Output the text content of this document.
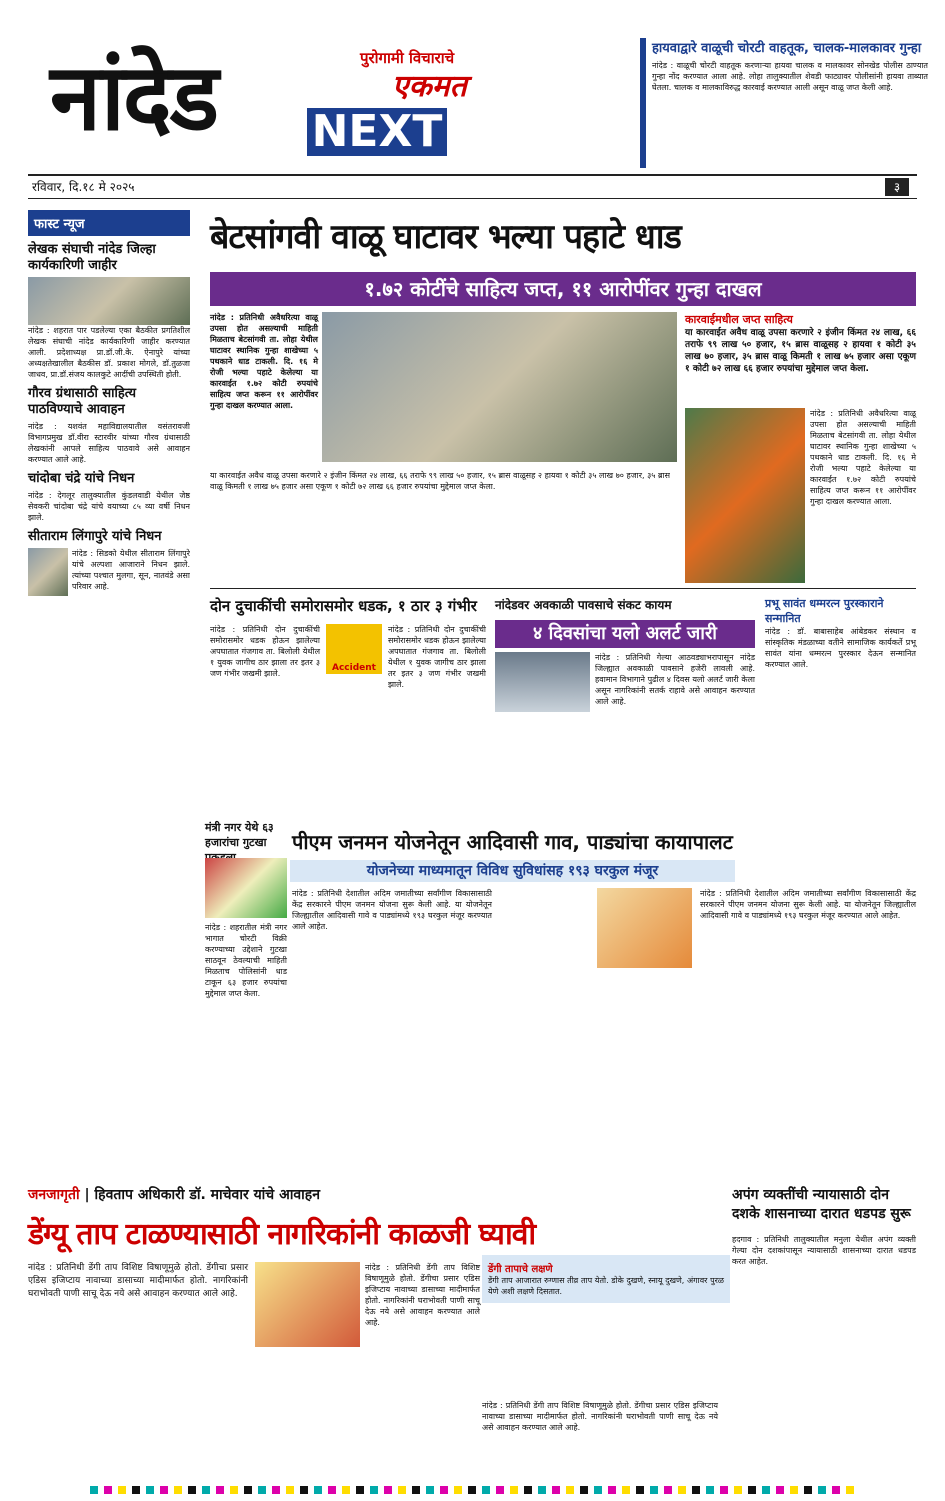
पुरोगामी विचाराचे
एकमत
नांदेड NEXT
हायवाद्वारे वाळूची चोरटी वाहतूक, चालक-मालकावर गुन्हा
नांदेड : वाळूची चोरटी वाहतूक करणाऱ्या हायवा चालक व मालकावर सोनखेड पोलीस ठाण्यात गुन्हा नोंद करण्यात आला आहे. लोहा तालुक्यातील शेवडी फाट्यावर पोलीसांनी हायवा ताब्यात घेतला. चालक व मालकाविरुद्ध कारवाई करण्यात आली असून वाळू जप्त केली आहे.
रविवार, दि.१८ मे २०२५	३
फास्ट न्यूज
लेखक संघाची नांदेड जिल्हा कार्यकारिणी जाहीर
नांदेड : शहरात पार पडलेल्या एका बैठकीत प्रगतिशील लेखक संघाची नांदेड कार्यकारिणी जाहीर करण्यात आली. प्रदेशाध्यक्ष प्रा.डॉ.जी.के. ऐनापुरे यांच्या अध्यक्षतेखालील बैठकीस डॉ. प्रकाश मोगले, डॉ.तुळजा जाधव, प्रा.डॉ.संजय कालकुटे आदींची उपस्थिती होती.
गौरव ग्रंथासाठी साहित्य पाठविण्याचे आवाहन
नांदेड : यशवंत महाविद्यालयातील वसंतरावजी विभागप्रमुख डॉ.वीरा स्टारवीर यांच्या गौरव ग्रंथासाठी लेखकांनी आपले साहित्य पाठवावे असे आवाहन करण्यात आले आहे.
चांदोबा चंद्रे यांचे निधन
नांदेड : देगलूर तालुक्यातील कुंडलवाडी येथील जेष्ठ सेवकरी चांदोबा चंद्रे यांचे वयाच्या ८५ व्या वर्षी निधन झाले.
सीताराम लिंगापुरे यांचे निधन
नांदेड : सिडको येथील सीताराम लिंगापुरे यांचे अल्पशा आजाराने निधन झाले. त्यांच्या पश्चात मुलगा, सून, नातवंडे असा परिवार आहे.
बेटसांगवी वाळू घाटावर भल्या पहाटे धाड
१.७२ कोटींचे साहित्य जप्त, ११ आरोपींवर गुन्हा दाखल
नांदेड : प्रतिनिधी अवैधरित्या वाळू उपसा होत असल्याची माहिती मिळताच बेटसांगवी ता. लोहा येथील घाटावर स्थानिक गुन्हा शाखेच्या ५ पथकाने धाड टाकली. दि. १६ मे रोजी भल्या पहाटे केलेल्या या कारवाईत १.७२ कोटी रुपयांचे साहित्य जप्त करून ११ आरोपींवर गुन्हा दाखल करण्यात आला.
कारवाईमधील जप्त साहित्य
या कारवाईत अवैध वाळू उपसा करणारे २ इंजीन किंमत २४ लाख, ६६ तराफे ९९ लाख ५० हजार, १५ ब्रास वाळूसह २ हायवा १ कोटी ३५ लाख ७० हजार, ३५ ब्रास वाळू किमती १ लाख ७५ हजार असा एकूण १ कोटी ७२ लाख ६६ हजार रुपयांचा मुद्देमाल जप्त केला.
नांदेड : प्रतिनिधी अवैधरित्या वाळू उपसा होत असल्याची माहिती मिळताच बेटसांगवी ता. लोहा येथील घाटावर स्थानिक गुन्हा शाखेच्या ५ पथकाने धाड टाकली. दि. १६ मे रोजी भल्या पहाटे केलेल्या या कारवाईत १.७२ कोटी रुपयांचे साहित्य जप्त करून ११ आरोपींवर गुन्हा दाखल करण्यात आला.
या कारवाईत अवैध वाळू उपसा करणारे २ इंजीन किंमत २४ लाख, ६६ तराफे ९९ लाख ५० हजार, १५ ब्रास वाळूसह २ हायवा १ कोटी ३५ लाख ७० हजार, ३५ ब्रास वाळू किमती १ लाख ७५ हजार असा एकूण १ कोटी ७२ लाख ६६ हजार रुपयांचा मुद्देमाल जप्त केला.
दोन दुचाकींची समोरासमोर धडक, १ ठार ३ गंभीर
Accident
नांदेड : प्रतिनिधी दोन दुचाकींची समोरासमोर धडक होऊन झालेल्या अपघातात गंजगाव ता. बिलोली येथील १ युवक जागीच ठार झाला तर इतर ३ जण गंभीर जखमी झाले.
नांदेड : प्रतिनिधी दोन दुचाकींची समोरासमोर धडक होऊन झालेल्या अपघातात गंजगाव ता. बिलोली येथील १ युवक जागीच ठार झाला तर इतर ३ जण गंभीर जखमी झाले.
नांदेडवर अवकाळी पावसाचे संकट कायम
४ दिवसांचा यलो अलर्ट जारी
नांदेड : प्रतिनिधी गेल्या आठवड्याभरापासून नांदेड जिल्ह्यात अवकाळी पावसाने हजेरी लावली आहे. हवामान विभागाने पुढील ४ दिवस यलो अलर्ट जारी केला असून नागरिकांनी सतर्क राहावे असे आवाहन करण्यात आले आहे.
प्रभू सावंत धम्मरत्न पुरस्काराने सन्मानित
नांदेड : डॉ. बाबासाहेब आंबेडकर संस्थान व सांस्कृतिक मंडळाच्या वतीने सामाजिक कार्यकर्ते प्रभू सावंत यांना धम्मरत्न पुरस्कार देऊन सन्मानित करण्यात आले.
मंत्री नगर येथे ६३ हजारांचा गुटखा
नांदेड : शहरातील मंत्री नगर भागात चोरटी विक्री करण्याच्या उद्देशाने गुटखा साठवून ठेवल्याची माहिती मिळताच पोलिसांनी धाड टाकून ६३ हजार रुपयांचा मुद्देमाल जप्त केला.
पीएम जनमन योजनेतून आदिवासी गाव, पाड्यांचा कायापालट
योजनेच्या माध्यमातून विविध सुविधांसह १९३ घरकुल मंजूर
नांदेड : प्रतिनिधी देशातील अदिम जमातीच्या सर्वांगीण विकासासाठी केंद्र सरकारने पीएम जनमन योजना सुरू केली आहे. या योजनेतून जिल्ह्यातील आदिवासी गावे व पाड्यांमध्ये १९३ घरकुल मंजूर करण्यात आले आहेत.
नांदेड : प्रतिनिधी देशातील अदिम जमातीच्या सर्वांगीण विकासासाठी केंद्र सरकारने पीएम जनमन योजना सुरू केली आहे. या योजनेतून जिल्ह्यातील आदिवासी गावे व पाड्यांमध्ये १९३ घरकुल मंजूर करण्यात आले आहेत.
जनजागृती | हिवताप अधिकारी डॉ. माचेवार यांचे आवाहन
डेंग्यू ताप टाळण्यासाठी नागरिकांनी काळजी घ्यावी
नांदेड : प्रतिनिधी डेंगी ताप विशिष्ट विषाणूमुळे होतो. डेंगीचा प्रसार एडिस इजिप्टाय नावाच्या डासाच्या मादीमार्फत होतो. नागरिकांनी घराभोवती पाणी साचू देऊ नये असे आवाहन करण्यात आले आहे.
नांदेड : प्रतिनिधी डेंगी ताप विशिष्ट विषाणूमुळे होतो. डेंगीचा प्रसार एडिस इजिप्टाय नावाच्या डासाच्या मादीमार्फत होतो. नागरिकांनी घराभोवती पाणी साचू देऊ नये असे आवाहन करण्यात आले आहे.
डेंगी तापाचे लक्षणे
डेंगी ताप आजारात रुग्णास तीव्र ताप येतो. डोके दुखणे, स्नायू दुखणे, अंगावर पुरळ येणे अशी लक्षणे दिसतात.
नांदेड : प्रतिनिधी डेंगी ताप विशिष्ट विषाणूमुळे होतो. डेंगीचा प्रसार एडिस इजिप्टाय नावाच्या डासाच्या मादीमार्फत होतो. नागरिकांनी घराभोवती पाणी साचू देऊ नये असे आवाहन करण्यात आले आहे.
अपंग व्यक्तींची न्यायासाठी दोन दशके शासनाच्या दारात धडपड सुरू
हदगाव : प्रतिनिधी तालुक्यातील मनुला येथील अपंग व्यक्ती गेल्या दोन दशकांपासून न्यायासाठी शासनाच्या दारात धडपड करत आहेत.
